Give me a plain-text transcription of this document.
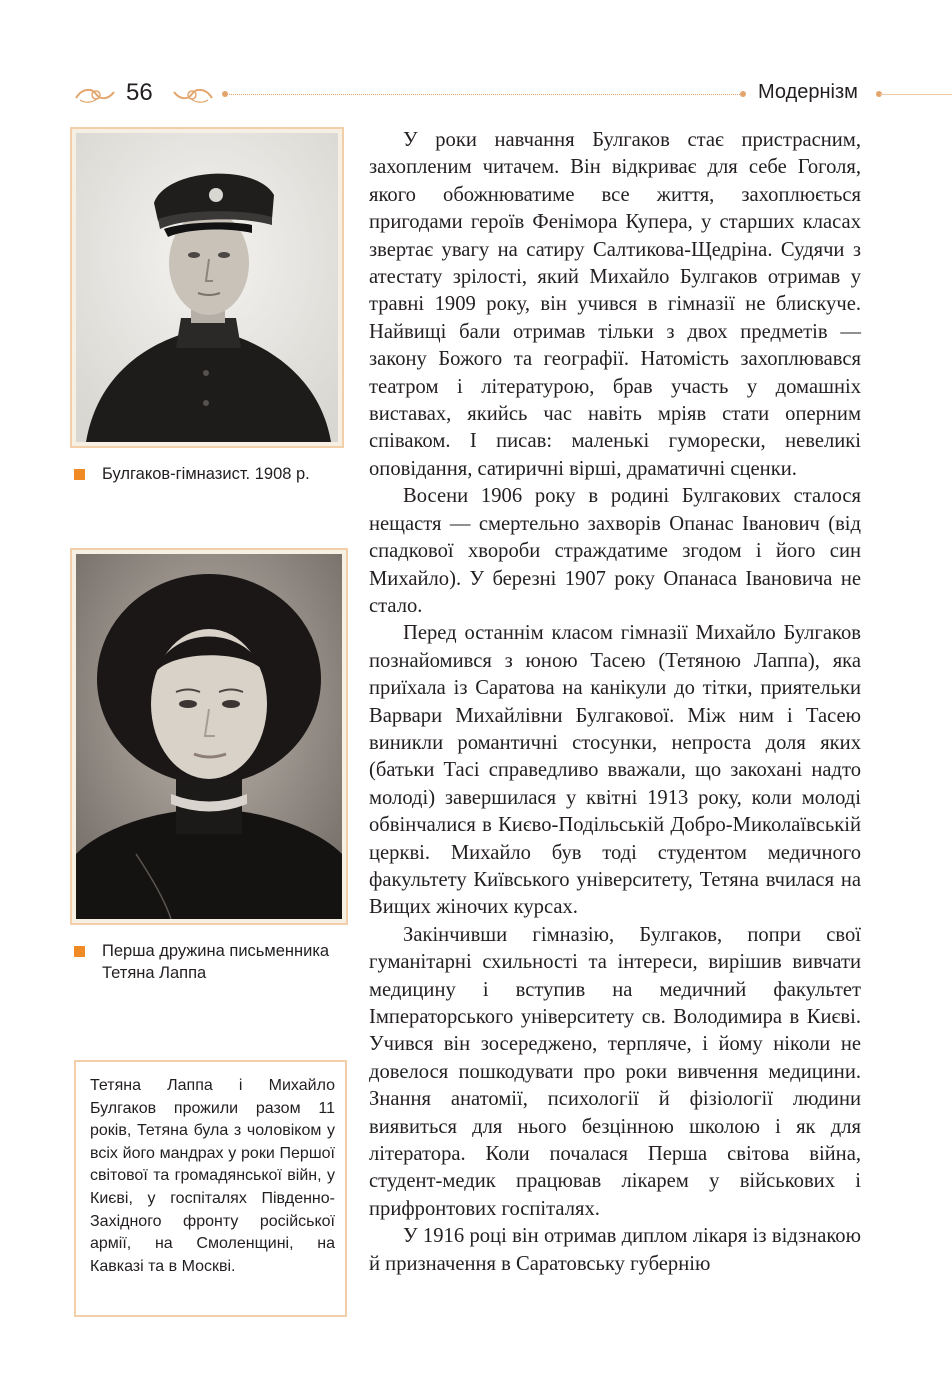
56	Модернізм
Булгаков-гімназист. 1908 р.
Перша дружина письменника Тетяна Лаппа
Тетяна Лаппа і Михайло Булгаков прожили разом 11 років, Тетяна була з чоловіком у всіх його мандрах у роки Першої світової та громадянської війн, у Києві, у госпіталях Південно-Західного фронту російської армії, на Смоленщині, на Кавказі та в Москві.

У роки навчання Булгаков стає пристрасним, захопленим читачем. Він відкриває для себе Гоголя, якого обожнюватиме все життя, захоплюється пригодами героїв Фенімора Купера, у старших класах звертає увагу на сатиру Салтикова-Щедріна. Судячи з атестату зрілості, який Михайло Булгаков отримав у травні 1909 року, він учився в гімназії не блискуче. Найвищі бали отримав тільки з двох предметів — закону Божого та географії. Натомість захоплювався театром і літературою, брав участь у домашніх виставах, якийсь час навіть мріяв стати оперним співаком. І писав: маленькі гуморески, невеликі оповідання, сатиричні вірші, драматичні сценки.

Восени 1906 року в родині Булгакових сталося нещастя — смертельно захворів Опанас Іванович (від спадкової хвороби страждатиме згодом і його син Михайло). У березні 1907 року Опанаса Івановича не стало.

Перед останнім класом гімназії Михайло Булгаков познайомився з юною Тасею (Тетяною Лаппа), яка приїхала із Саратова на канікули до тітки, приятельки Варвари Михайлівни Булгакової. Між ним і Тасею виникли романтичні стосунки, непроста доля яких (батьки Тасі справедливо вважали, що закохані надто молоді) завершилася у квітні 1913 року, коли молоді обвінчалися в Києво-Подільській Добро-Миколаївській церкві. Михайло був тоді студентом медичного факультету Київського університету, Тетяна вчилася на Вищих жіночих курсах.

Закінчивши гімназію, Булгаков, попри свої гуманітарні схильності та інтереси, вирішив вивчати медицину і вступив на медичний факультет Імператорського університету св. Володимира в Києві. Учився він зосереджено, терпляче, і йому ніколи не довелося пошкодувати про роки вивчення медицини. Знання анатомії, психології й фізіології людини виявиться для нього безцінною школою і як для літератора. Коли почалася Перша світова війна, студент-медик працював лікарем у військових і прифронтових госпіталях.

У 1916 році він отримав диплом лікаря із відзнакою й призначення в Саратовську губернію
